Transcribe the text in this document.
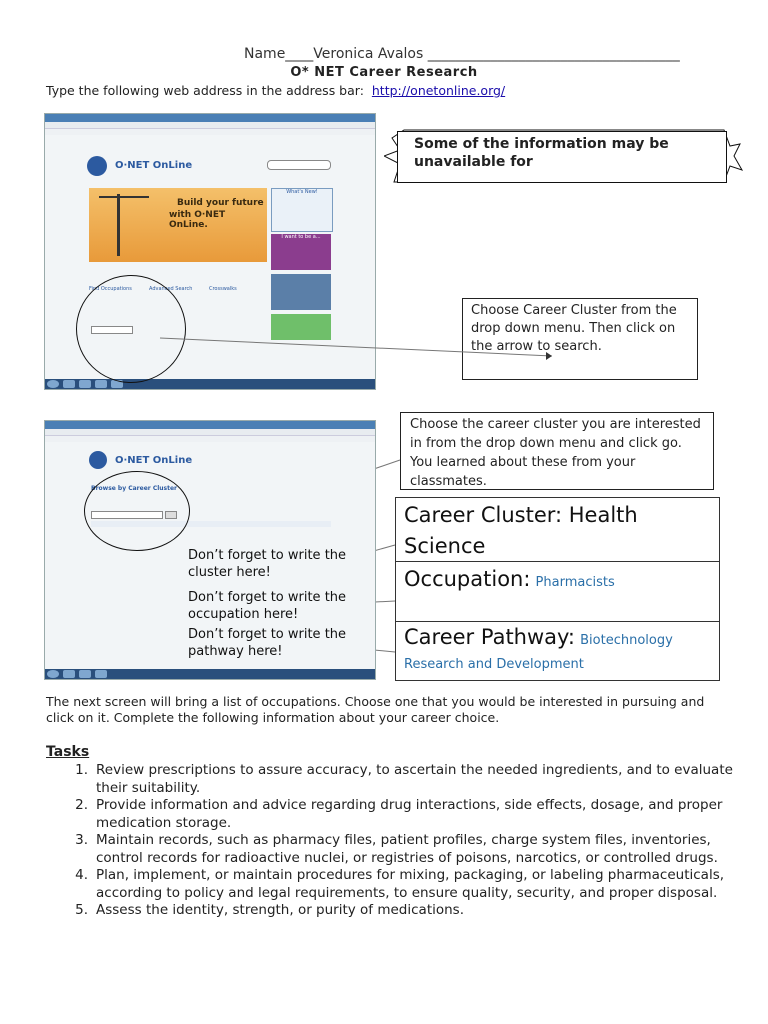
Name____Veronica Avalos ____________________________________
O* NET Career Research
Type the following web address in the address bar: http://onetonline.org/
O·NET OnLine
Build your future
with O·NET OnLine.
What's New!
I want to be a...
Find Occupations	Advanced Search	Crosswalks
Some of the information may be unavailable for
Choose Career Cluster from the drop down menu. Then click on the arrow to search.
O·NET OnLine
Browse by Career Cluster
Choose the career cluster you are interested in from the drop down menu and click go. You learned about these from your classmates.
Don’t forget to write the cluster here!
Don’t forget to write the occupation here!
Don’t forget to write the pathway here!
Career Cluster: Health Science
Occupation: Pharmacists
Career Pathway: Biotechnology Research and Development
The next screen will bring a list of occupations. Choose one that you would be interested in pursuing and click on it. Complete the following information about your career choice.
Tasks
1. Review prescriptions to assure accuracy, to ascertain the needed ingredients, and to evaluate their suitability.
2. Provide information and advice regarding drug interactions, side effects, dosage, and proper medication storage.
3. Maintain records, such as pharmacy files, patient profiles, charge system files, inventories, control records for radioactive nuclei, or registries of poisons, narcotics, or controlled drugs.
4. Plan, implement, or maintain procedures for mixing, packaging, or labeling pharmaceuticals, according to policy and legal requirements, to ensure quality, security, and proper disposal.
5. Assess the identity, strength, or purity of medications.
